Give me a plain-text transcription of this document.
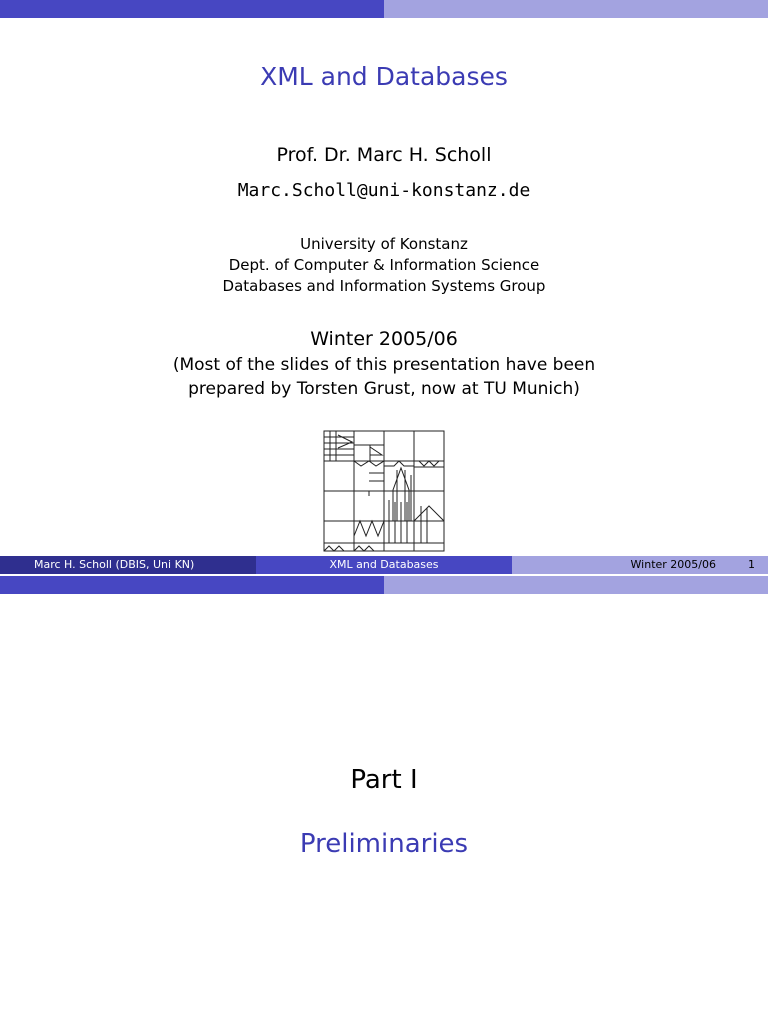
XML and Databases
Prof. Dr. Marc H. Scholl
Marc.Scholl@uni-konstanz.de
University of Konstanz
Dept. of Computer & Information Science
Databases and Information Systems Group
Winter 2005/06
(Most of the slides of this presentation have been
prepared by Torsten Grust, now at TU Munich)
Marc H. Scholl (DBIS, Uni KN)	XML and Databases	Winter 2005/06	1
Part I
Preliminaries
